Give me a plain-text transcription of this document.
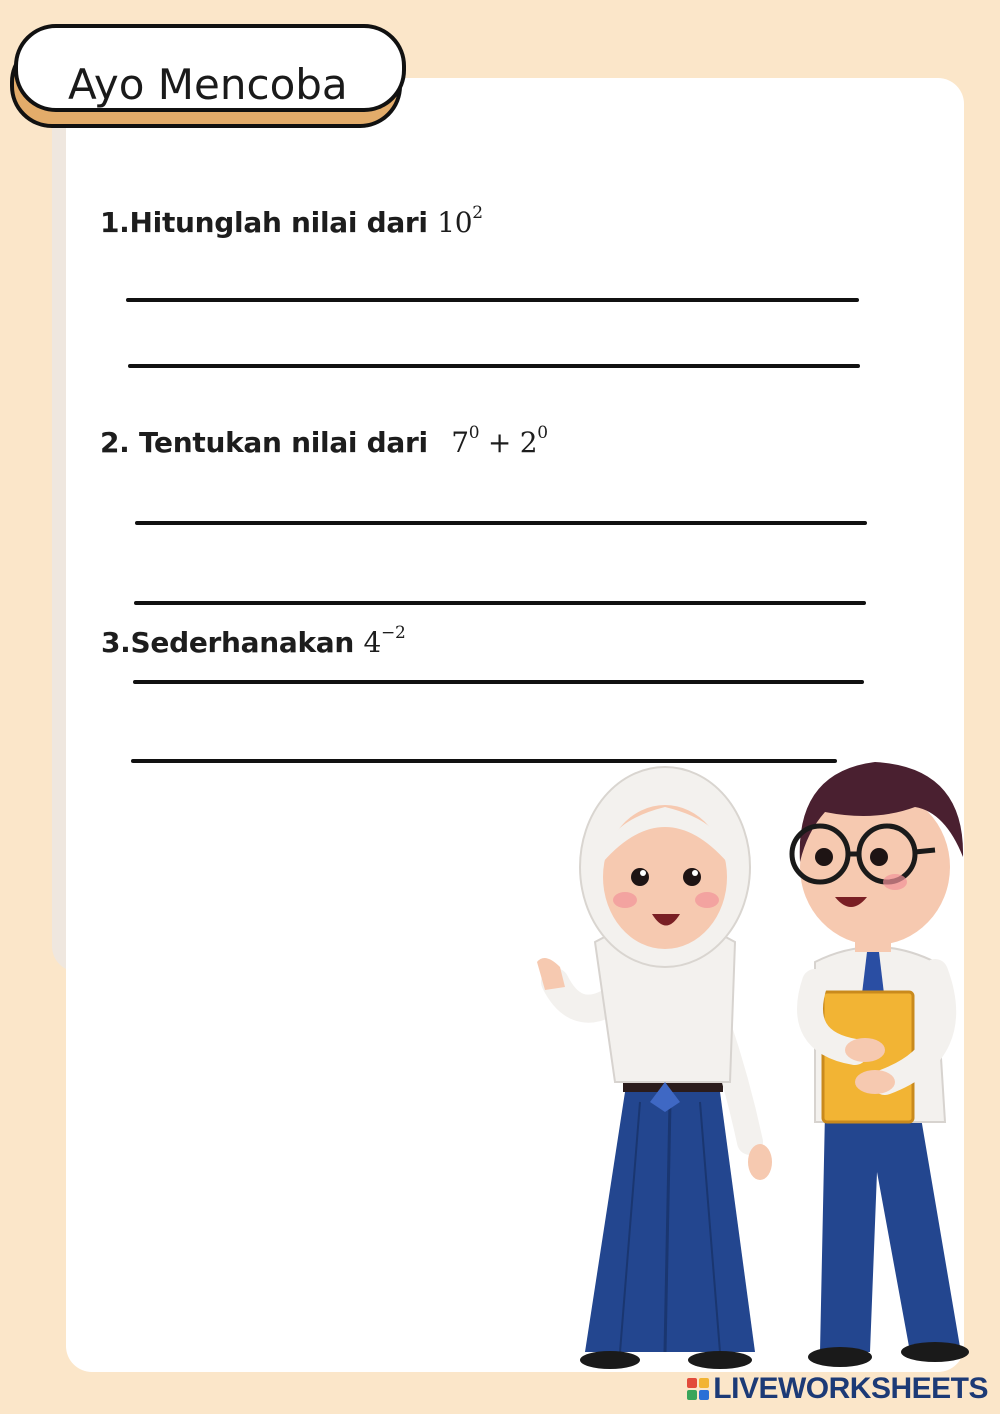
Ayo Mencoba
1.Hitunglah nilai dari $10^2$
2. Tentukan nilai dari $7^0 + 2^0$
3.Sederhanakan $4^{-2}$
LIVEWORKSHEETS
